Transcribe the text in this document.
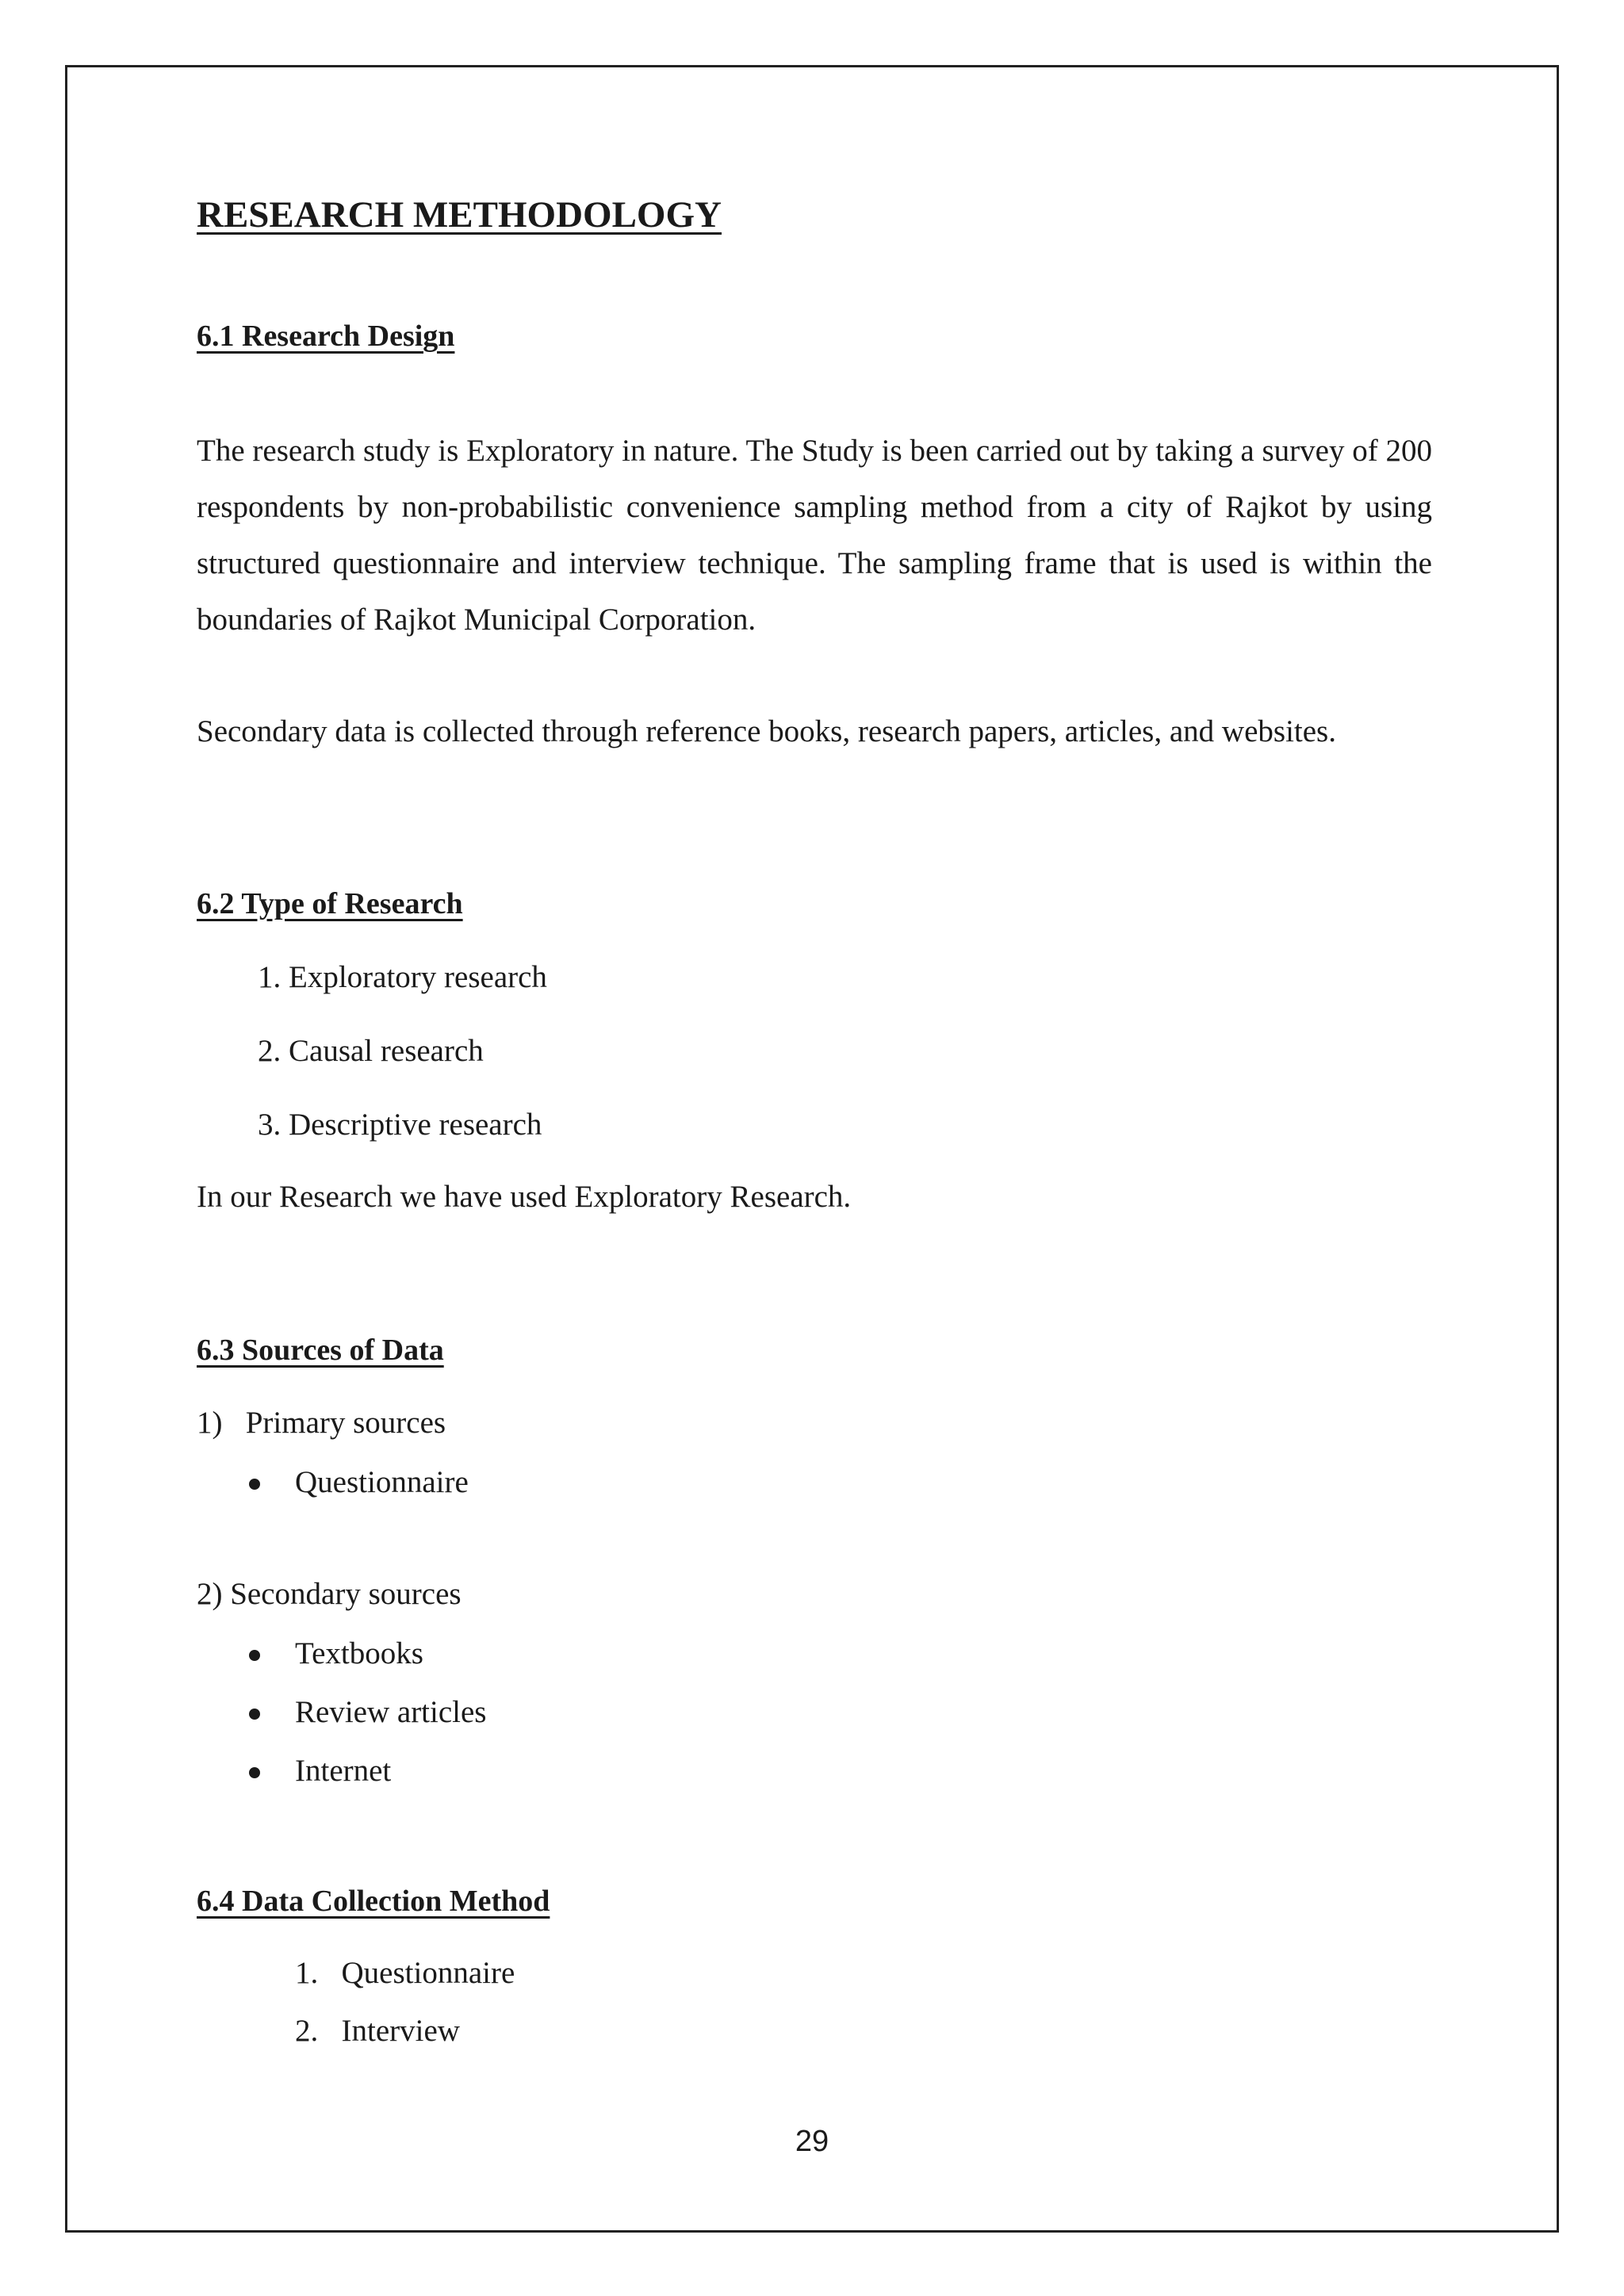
RESEARCH METHODOLOGY
6.1 Research Design

The research study is Exploratory in nature. The Study is been carried out by taking a survey of 200 respondents by non-probabilistic convenience sampling method from a city of Rajkot by using structured questionnaire and interview technique. The sampling frame that is used is within the boundaries of Rajkot Municipal Corporation.

Secondary data is collected through reference books, research papers, articles, and websites.

6.2 Type of Research
1. Exploratory research
2. Causal research
3. Descriptive research

In our Research we have used Exploratory Research.

6.3 Sources of Data

1)   Primary sources

Questionnaire

2) Secondary sources

Textbooks
Review articles
Internet
6.4 Data Collection Method
1.   Questionnaire
2.   Interview
29
